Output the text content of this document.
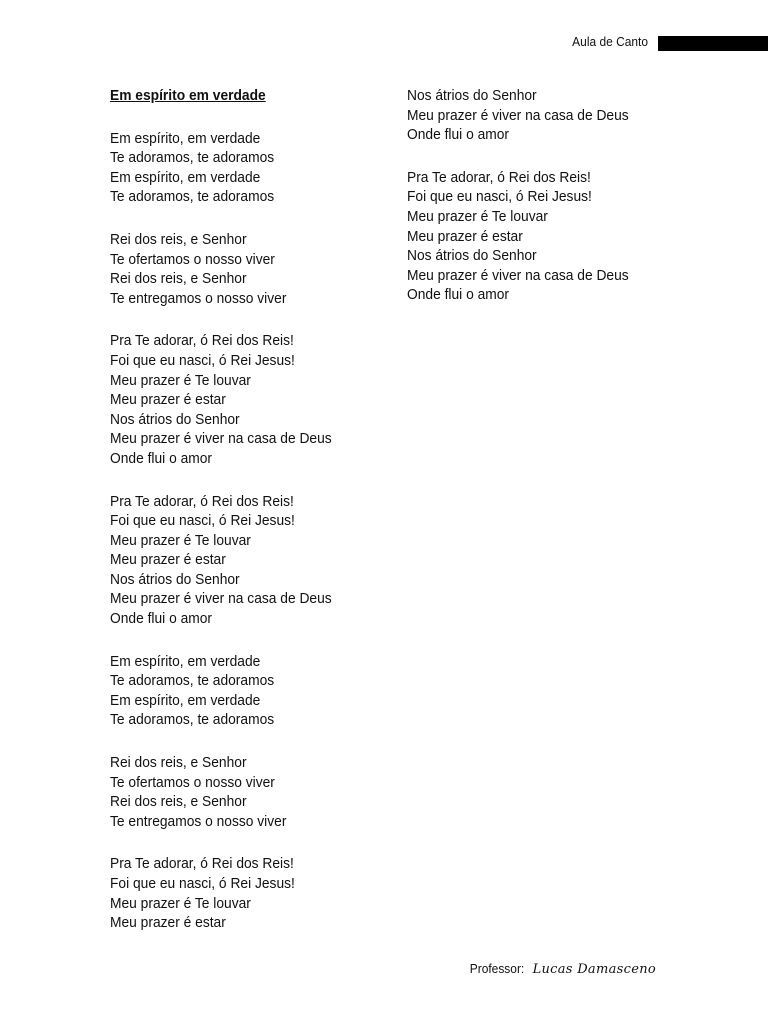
Aula de Canto
Em espírito em verdade
Em espírito, em verdade
Te adoramos, te adoramos
Em espírito, em verdade
Te adoramos, te adoramos
Rei dos reis, e Senhor
Te ofertamos o nosso viver
Rei dos reis, e Senhor
Te entregamos o nosso viver
Pra Te adorar, ó Rei dos Reis!
Foi que eu nasci, ó Rei Jesus!
Meu prazer é Te louvar
Meu prazer é estar
Nos átrios do Senhor
Meu prazer é viver na casa de Deus
Onde flui o amor
Pra Te adorar, ó Rei dos Reis!
Foi que eu nasci, ó Rei Jesus!
Meu prazer é Te louvar
Meu prazer é estar
Nos átrios do Senhor
Meu prazer é viver na casa de Deus
Onde flui o amor
Em espírito, em verdade
Te adoramos, te adoramos
Em espírito, em verdade
Te adoramos, te adoramos
Rei dos reis, e Senhor
Te ofertamos o nosso viver
Rei dos reis, e Senhor
Te entregamos o nosso viver
Pra Te adorar, ó Rei dos Reis!
Foi que eu nasci, ó Rei Jesus!
Meu prazer é Te louvar
Meu prazer é estar
Nos átrios do Senhor
Meu prazer é viver na casa de Deus
Onde flui o amor
Pra Te adorar, ó Rei dos Reis!
Foi que eu nasci, ó Rei Jesus!
Meu prazer é Te louvar
Meu prazer é estar
Nos átrios do Senhor
Meu prazer é viver na casa de Deus
Onde flui o amor
Professor: Lucas Damasceno
